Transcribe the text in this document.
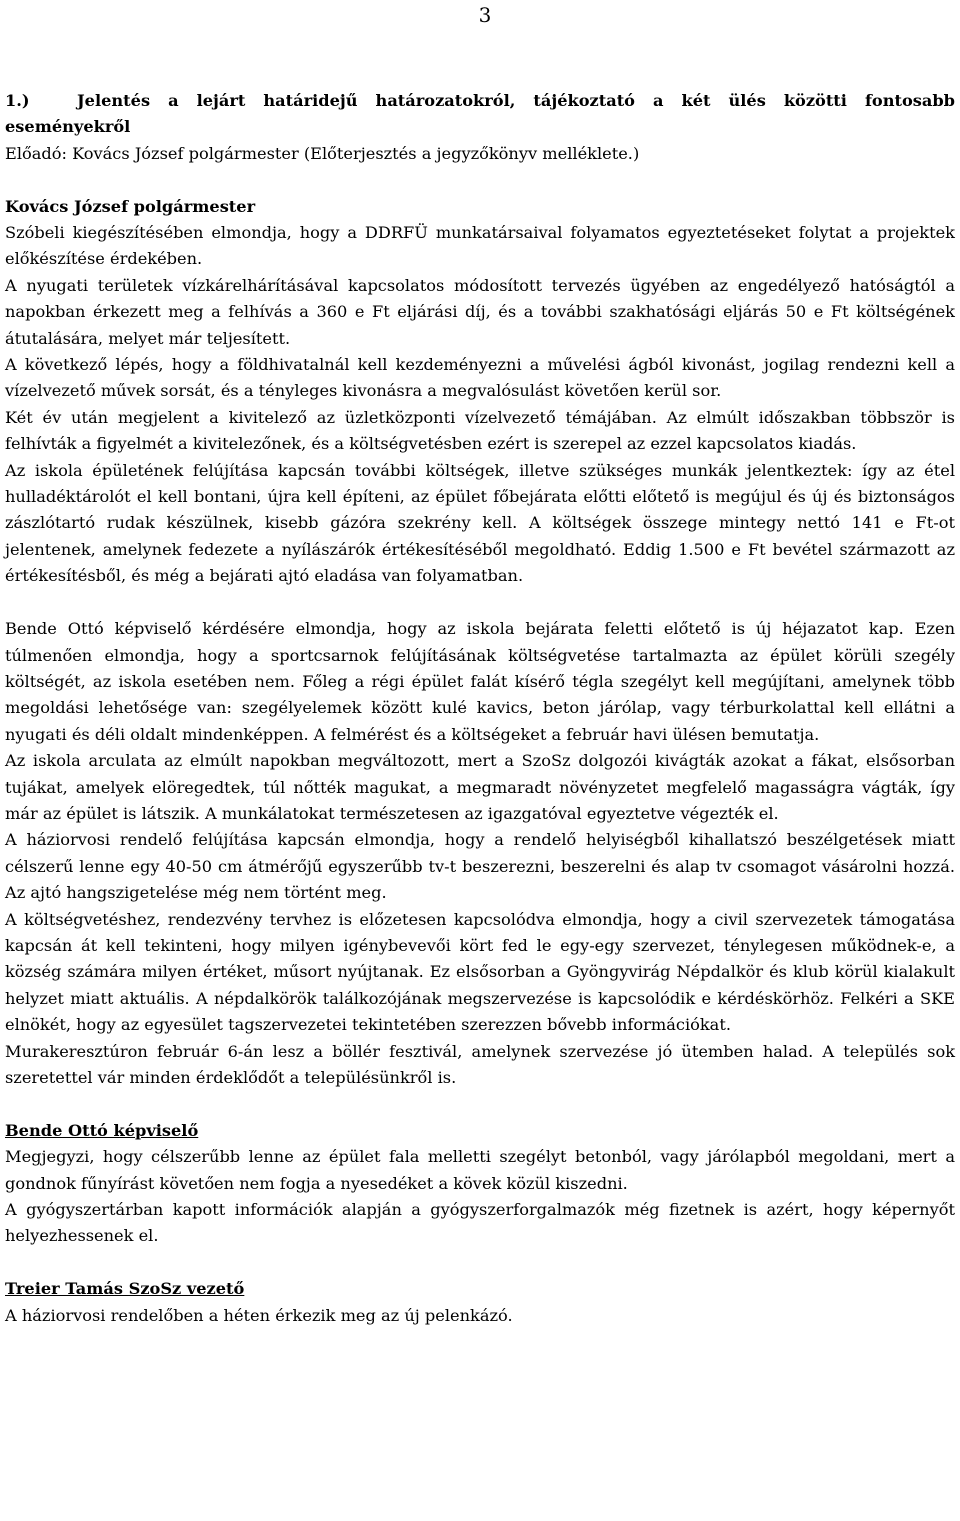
3

1.)	Jelentés a lejárt határidejű határozatokról, tájékoztató a két ülés közötti fontosabb eseményekről

Előadó: Kovács József polgármester (Előterjesztés a jegyzőkönyv melléklete.)

Kovács József polgármester

Szóbeli kiegészítésében elmondja, hogy a DDRFÜ munkatársaival folyamatos egyeztetéseket folytat a projektek előkészítése érdekében.

A nyugati területek vízkárelhárításával kapcsolatos módosított tervezés ügyében az engedélyező hatóságtól a napokban érkezett meg a felhívás a 360 e Ft eljárási díj, és a további szakhatósági eljárás 50 e Ft költségének átutalására, melyet már teljesített.

A következő lépés, hogy a földhivatalnál kell kezdeményezni a művelési ágból kivonást, jogilag rendezni kell a vízelvezető művek sorsát, és a tényleges kivonásra a megvalósulást követően kerül sor.

Két év után megjelent a kivitelező az üzletközponti vízelvezető témájában. Az elmúlt időszakban többször is felhívták a figyelmét a kivitelezőnek, és a költségvetésben ezért is szerepel az ezzel kapcsolatos kiadás.

Az iskola épületének felújítása kapcsán további költségek, illetve szükséges munkák jelentkeztek: így az étel hulladéktárolót el kell bontani, újra kell építeni, az épület főbejárata előtti előtető is megújul és új és biztonságos zászlótartó rudak készülnek, kisebb gázóra szekrény kell. A költségek összege mintegy nettó 141 e Ft-ot jelentenek, amelynek fedezete a nyílászárók értékesítéséből megoldható. Eddig 1.500 e Ft bevétel származott az értékesítésből, és még a bejárati ajtó eladása van folyamatban.

Bende Ottó képviselő kérdésére elmondja, hogy az iskola bejárata feletti előtető is új héjazatot kap. Ezen túlmenően elmondja, hogy a sportcsarnok felújításának költségvetése tartalmazta az épület körüli szegély költségét, az iskola esetében nem. Főleg a régi épület falát kísérő tégla szegélyt kell megújítani, amelynek több megoldási lehetősége van: szegélyelemek között kulé kavics, beton járólap, vagy térburkolattal kell ellátni a nyugati és déli oldalt mindenképpen. A felmérést és a költségeket a február havi ülésen bemutatja.

Az iskola arculata az elmúlt napokban megváltozott, mert a SzoSz dolgozói kivágták azokat a fákat, elsősorban tujákat, amelyek elöregedtek, túl nőtték magukat, a megmaradt növényzetet megfelelő magasságra vágták, így már az épület is látszik. A munkálatokat természetesen az igazgatóval egyeztetve végezték el.

A háziorvosi rendelő felújítása kapcsán elmondja, hogy a rendelő helyiségből kihallatszó beszélgetések miatt célszerű lenne egy 40-50 cm átmérőjű egyszerűbb tv-t beszerezni, beszerelni és alap tv csomagot vásárolni hozzá. Az ajtó hangszigetelése még nem történt meg.

A költségvetéshez, rendezvény tervhez is előzetesen kapcsolódva elmondja, hogy a civil szervezetek támogatása kapcsán át kell tekinteni, hogy milyen igénybevevői kört fed le egy-egy szervezet, ténylegesen működnek-e, a község számára milyen értéket, műsort nyújtanak. Ez elsősorban a Gyöngyvirág Népdalkör és klub körül kialakult helyzet miatt aktuális. A népdalkörök találkozójának megszervezése is kapcsolódik e kérdéskörhöz. Felkéri a SKE elnökét, hogy az egyesület tagszervezetei tekintetében szerezzen bővebb információkat.

Murakeresztúron február 6-án lesz a böllér fesztivál, amelynek szervezése jó ütemben halad. A település sok szeretettel vár minden érdeklődőt a településünkről is.

Bende Ottó képviselő

Megjegyzi, hogy célszerűbb lenne az épület fala melletti szegélyt betonból, vagy járólapból megoldani, mert a gondnok fűnyírást követően nem fogja a nyesedéket a kövek közül kiszedni.

A gyógyszertárban kapott információk alapján a gyógyszerforgalmazók még fizetnek is azért, hogy képernyőt helyezhessenek el.

Treier Tamás SzoSz vezető

A háziorvosi rendelőben a héten érkezik meg az új pelenkázó.
